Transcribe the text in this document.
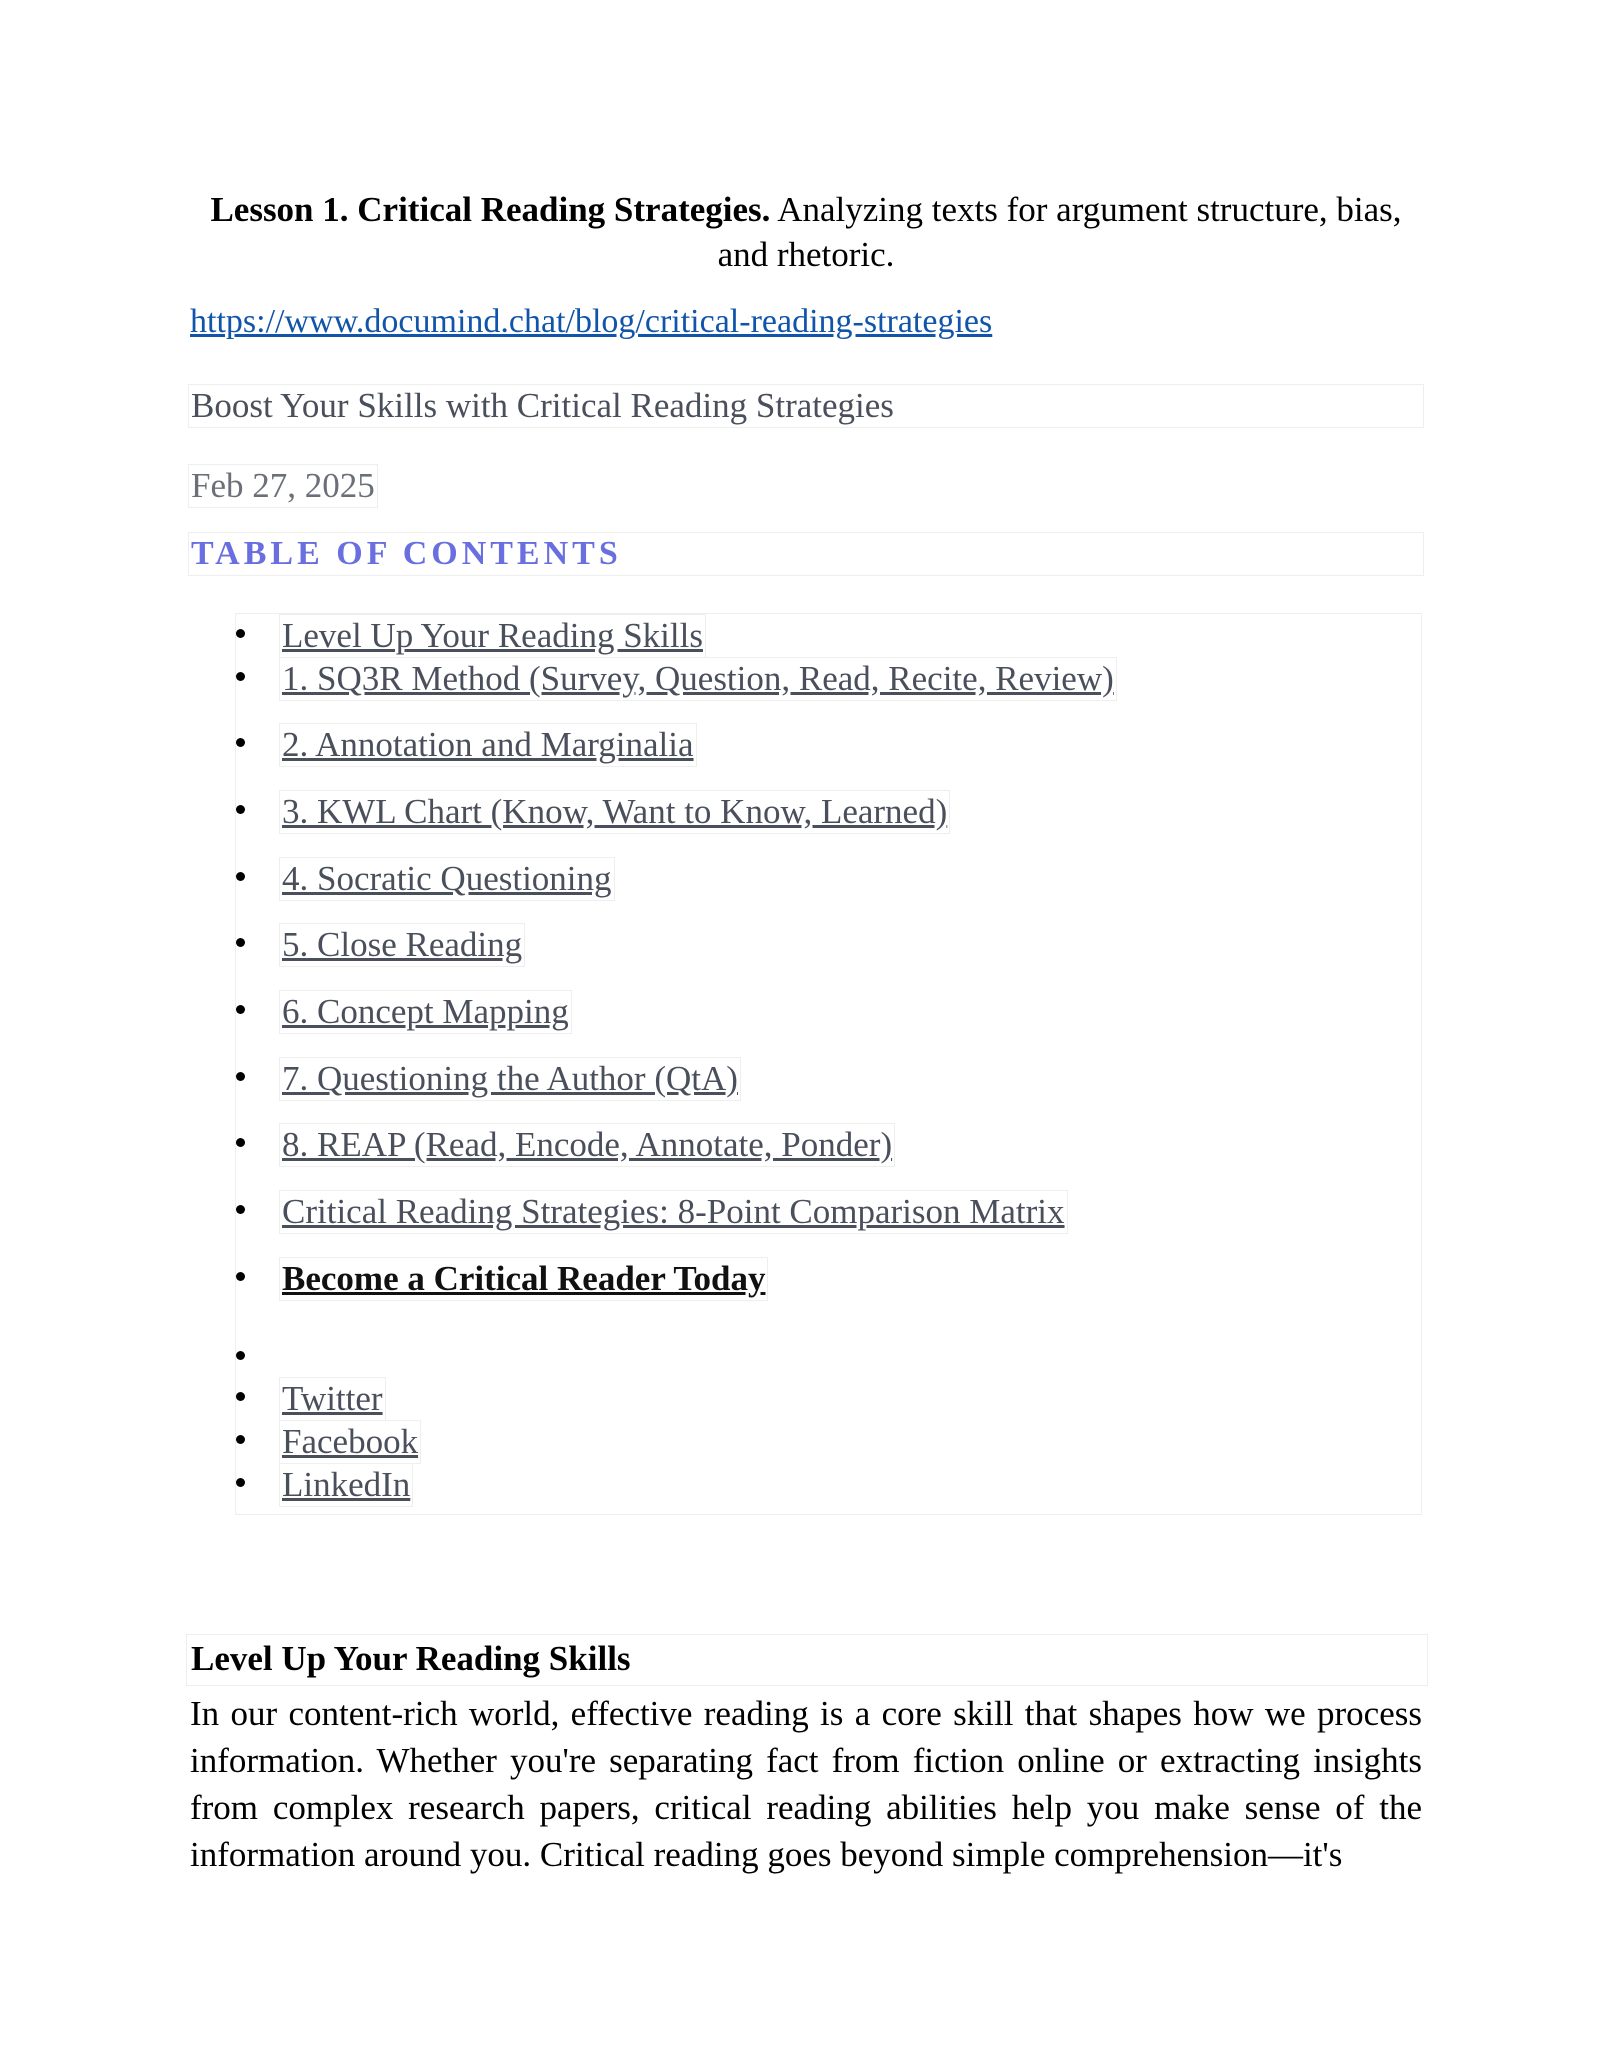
Lesson 1. Critical Reading Strategies. Analyzing texts for argument structure, bias, and rhetoric.
https://www.documind.chat/blog/critical-reading-strategies
Boost Your Skills with Critical Reading Strategies
Feb 27, 2025
TABLE OF CONTENTS
Level Up Your Reading Skills
1. SQ3R Method (Survey, Question, Read, Recite, Review)
2. Annotation and Marginalia
3. KWL Chart (Know, Want to Know, Learned)
4. Socratic Questioning
5. Close Reading
6. Concept Mapping
7. Questioning the Author (QtA)
8. REAP (Read, Encode, Annotate, Ponder)
Critical Reading Strategies: 8-Point Comparison Matrix
Become a Critical Reader Today
Twitter
Facebook
LinkedIn
Level Up Your Reading Skills
In our content-rich world, effective reading is a core skill that shapes how we process information. Whether you're separating fact from fiction online or extracting insights from complex research papers, critical reading abilities help you make sense of the information around you. Critical reading goes beyond simple comprehension—it's
